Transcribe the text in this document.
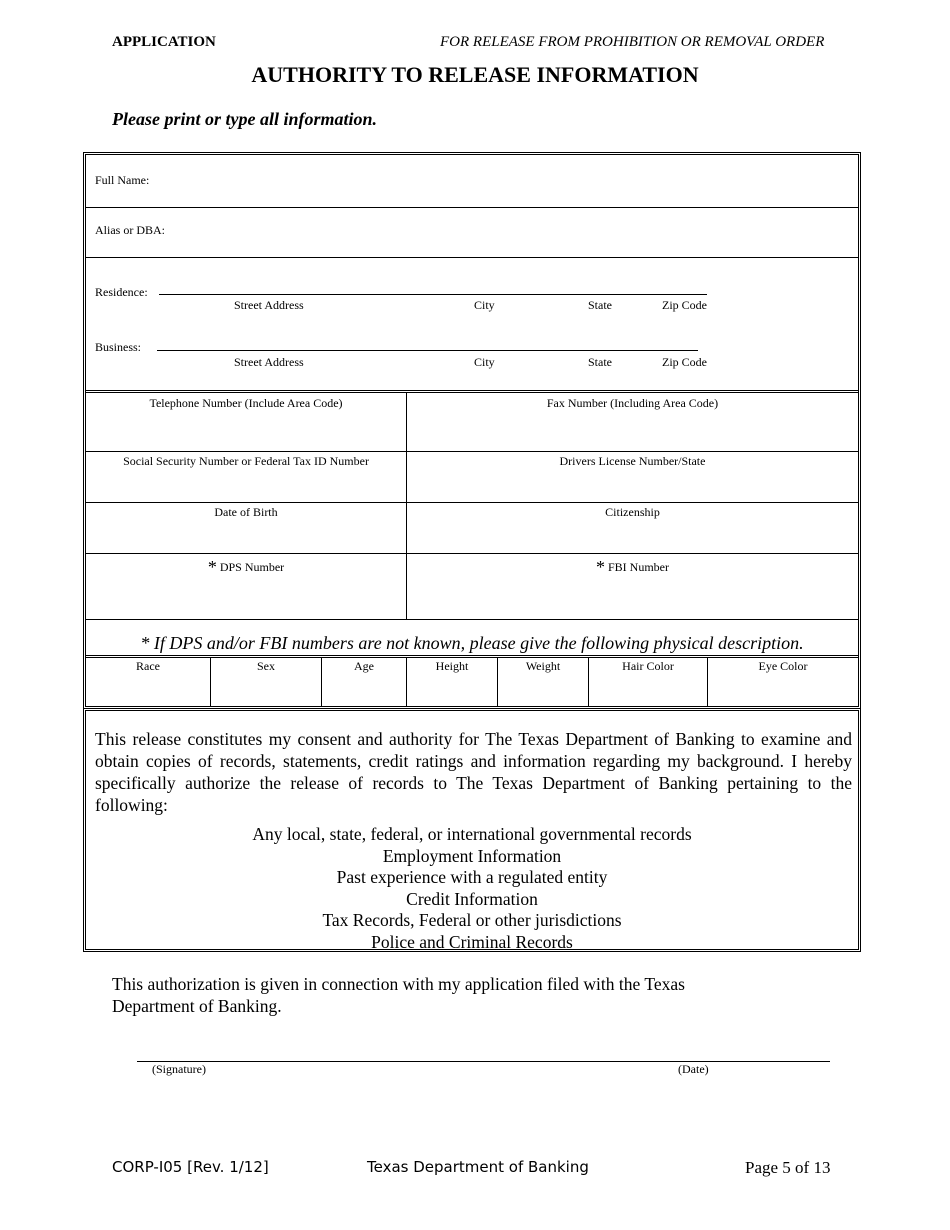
APPLICATION	FOR RELEASE FROM PROHIBITION OR REMOVAL ORDER
AUTHORITY TO RELEASE INFORMATION
Please print or type all information.
Full Name:
Alias or DBA:
Residence:
Street Address	City	State	Zip Code
Business:
Street Address	City	State	Zip Code
Telephone Number (Include Area Code)	Fax Number (Including Area Code)
Social Security Number or Federal Tax ID Number	Drivers License Number/State
Date of Birth	Citizenship
* DPS Number	* FBI Number
* If DPS and/or FBI numbers are not known, please give the following physical description.
Race	Sex	Age	Height	Weight	Hair Color	Eye Color
This release constitutes my consent and authority for The Texas Department of Banking to examine and obtain copies of records, statements, credit ratings and information regarding my background. I hereby specifically authorize the release of records to The Texas Department of Banking pertaining to the following:
Any local, state, federal, or international governmental records
Employment Information
Past experience with a regulated entity
Credit Information
Tax Records, Federal or other jurisdictions
Police and Criminal Records
This authorization is given in connection with my application filed with the Texas Department of Banking.
(Signature)	(Date)
CORP-I05 [Rev. 1/12]	Texas Department of Banking	Page 5 of 13
